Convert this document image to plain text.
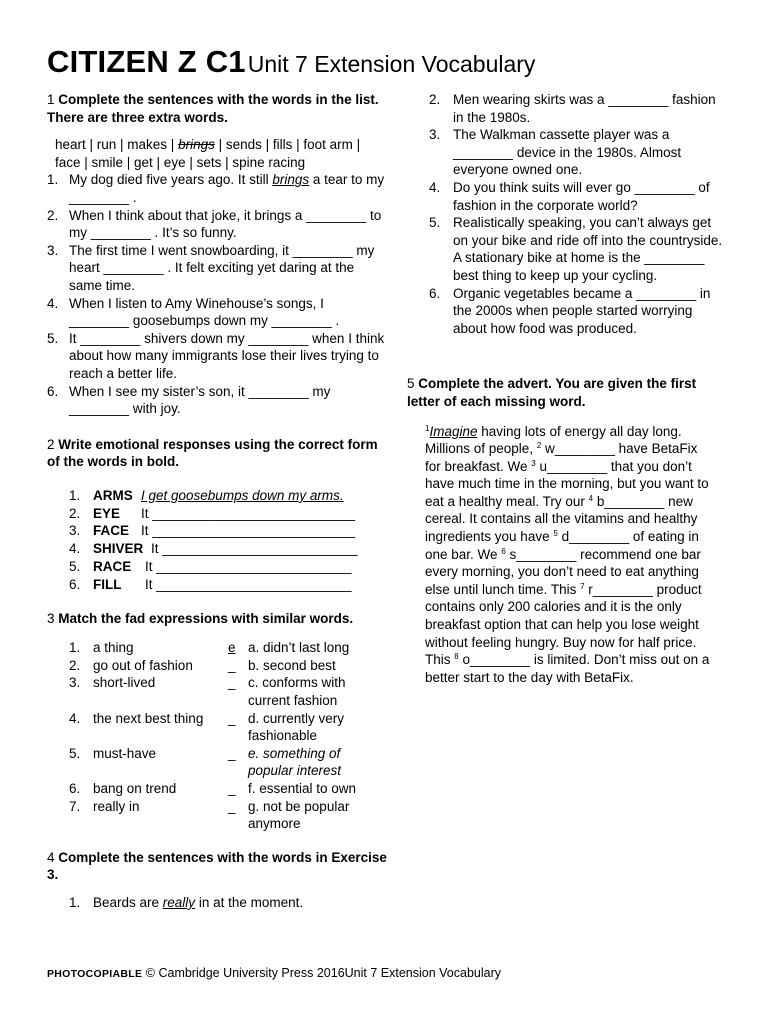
CITIZEN Z C1Unit 7 Extension Vocabulary
1 Complete the sentences with the words in the list. There are three extra words.
heart | run | makes | brings | sends | fills | foot arm | face | smile | get | eye | sets | spine racing
1. My dog died five years ago. It still brings a tear to my ________ .
2. When I think about that joke, it brings a ________ to my ________ . It’s so funny.
3. The first time I went snowboarding, it ________ my heart ________ . It felt exciting yet daring at the same time.
4. When I listen to Amy Winehouse’s songs, I ________ goosebumps down my ________ .
5. It ________ shivers down my ________ when I think about how many immigrants lose their lives trying to reach a better life.
6. When I see my sister’s son, it ________ my ________ with joy.
2 Write emotional responses using the correct form of the words in bold.
1. ARMS I get goosebumps down my arms.
2. EYE	It ___________________________
3. FACE It ___________________________
4. SHIVER It __________________________
5. RACE	It __________________________
6. FILL	It __________________________
3 Match the fad expressions with similar words.
1. a thing	e a. didn’t last long
2. go out of fashion	_ b. second best
3. short-lived	_ c. conforms with current fashion
4. the next best thing	_ d. currently very fashionable
5. must-have	_ e. something of popular interest
6. bang on trend	_ f. essential to own
7. really in	_ g. not be popular anymore
4 Complete the sentences with the words in Exercise 3.
1. Beards are really in at the moment.
2. Men wearing skirts was a ________ fashion in the 1980s.
3. The Walkman cassette player was a ________ device in the 1980s. Almost everyone owned one.
4. Do you think suits will ever go ________ of fashion in the corporate world?
5. Realistically speaking, you can’t always get on your bike and ride off into the countryside. A stationary bike at home is the ________ best thing to keep up your cycling.
6. Organic vegetables became a ________ in the 2000s when people started worrying about how food was produced.
5 Complete the advert. You are given the first letter of each missing word.
$^1$Imagine having lots of energy all day long. Millions of people, $^2$ w________ have BetaFix for breakfast. We $^3$ u________ that you don’t have much time in the morning, but you want to eat a healthy meal. Try our $^4$ b________ new cereal. It contains all the vitamins and healthy ingredients you have $^5$ d________ of eating in one bar. We $^6$ s________ recommend one bar every morning, you don’t need to eat anything else until lunch time. This $^7$ r________ product contains only 200 calories and it is the only breakfast option that can help you lose weight without feeling hungry. Buy now for half price. This $^8$ o________ is limited. Don’t miss out on a better start to the day with BetaFix.
PHOTOCOPIABLE © Cambridge University Press 2016Unit 7 Extension Vocabulary
